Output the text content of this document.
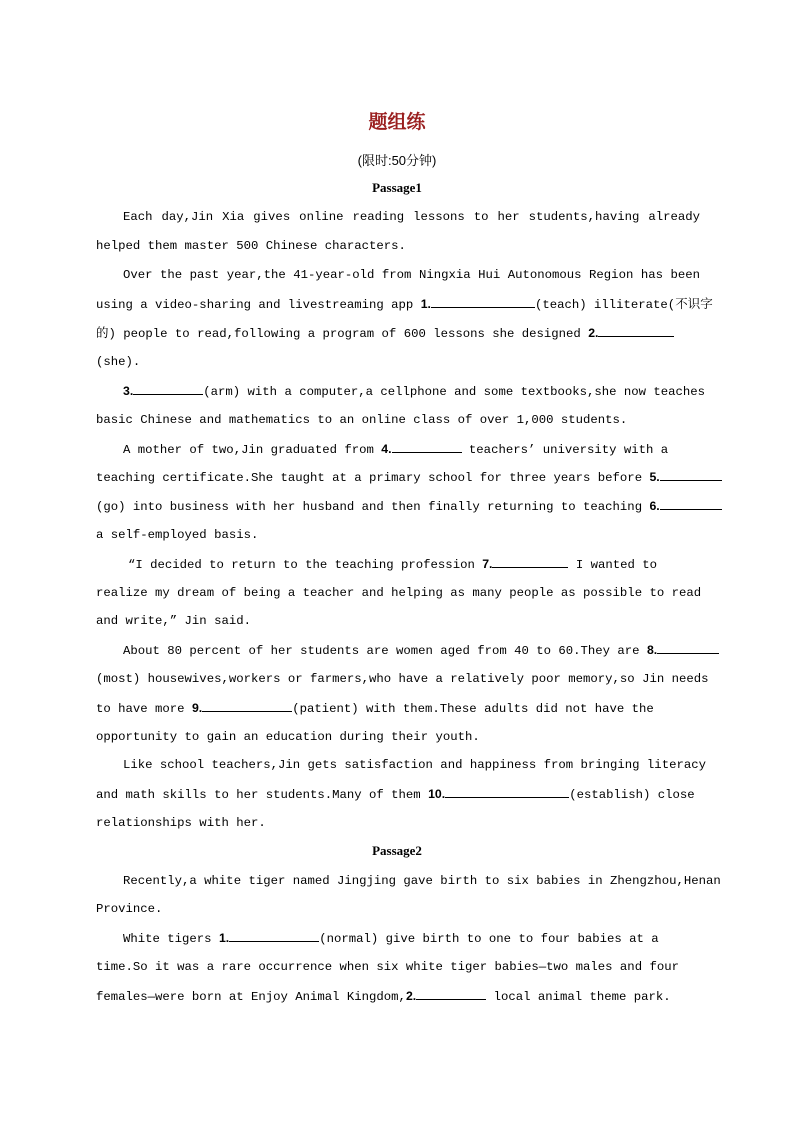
题组练
(限时:50分钟)
Passage1
Each day,Jin Xia gives online reading lessons to her students,having already
helped them master 500 Chinese characters.
Over the past year,the 41-year-old from Ningxia Hui Autonomous Region has been
using a video-sharing and livestreaming app 1.	(teach) illiterate(不识字
的) people to read,following a program of 600 lessons she designed 2.
(she).
3.	(arm) with a computer,a cellphone and some textbooks,she now teaches
basic Chinese and mathematics to an online class of over 1,000 students.
A mother of two,Jin graduated from 4.	teachers’ university with a
teaching certificate.She taught at a primary school for three years before 5.
(go) into business with her husband and then finally returning to teaching 6.
a self-employed basis.
“I decided to return to the teaching profession 7.	I wanted to
realize my dream of being a teacher and helping as many people as possible to read
and write,” Jin said.
About 80 percent of her students are women aged from 40 to 60.They are 8.
(most) housewives,workers or farmers,who have a relatively poor memory,so Jin needs
to have more 9.	(patient) with them.These adults did not have the
opportunity to gain an education during their youth.
Like school teachers,Jin gets satisfaction and happiness from bringing literacy
and math skills to her students.Many of them 10.	(establish) close
relationships with her.
Passage2
Recently,a white tiger named Jingjing gave birth to six babies in Zhengzhou,Henan
Province.
White tigers 1.	(normal) give birth to one to four babies at a
time.So it was a rare occurrence when six white tiger babies—two males and four
females—were born at Enjoy Animal Kingdom,2.	local animal theme park.
